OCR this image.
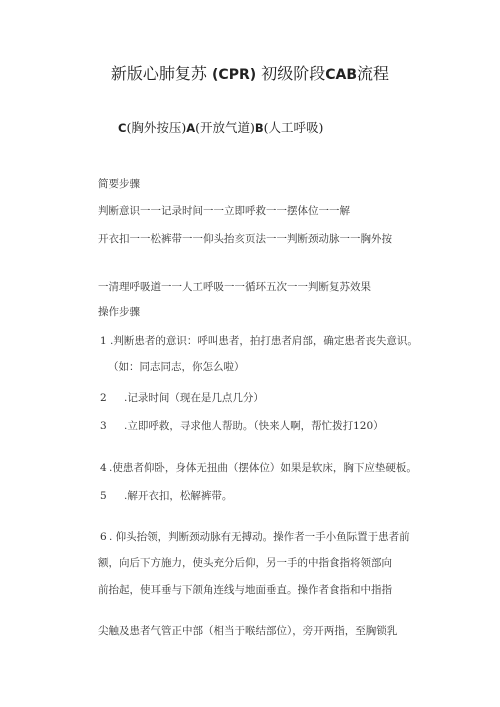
新版心肺复苏 (CPR) 初级阶段CAB流程
C(胸外按压)A(开放气道)B(人工呼吸)
简要步骤
判断意识一一记录时间一一立即呼救一一摆体位一一解
开衣扣一一松裤带一一仰头抬亥页法一一判断颈动脉一一胸外按
一清理呼吸道一一人工呼吸一一循环五次一一判断复苏效果
操作步骤
1 .判断患者的意识：呼叫患者，拍打患者肩部，确定患者丧失意识。
（如：同志同志，你怎么啦）
2 .记录时间（现在是几点几分）
3 .立即呼救，寻求他人帮助。（快来人啊，帮忙拨打120）
4 .使患者仰卧，身体无扭曲（摆体位）如果是软床，胸下应垫硬板。
5 .解开衣扣，松解裤带。
6 . 仰头抬领，判断颈动脉有无搏动。操作者一手小鱼际置于患者前
额，向后下方施力，使头充分后仰，另一手的中指食指将领部向
前抬起，使耳垂与下颌角连线与地面垂直。操作者食指和中指指
尖触及患者气管正中部（相当于喉结部位），旁开两指，至胸锁乳
